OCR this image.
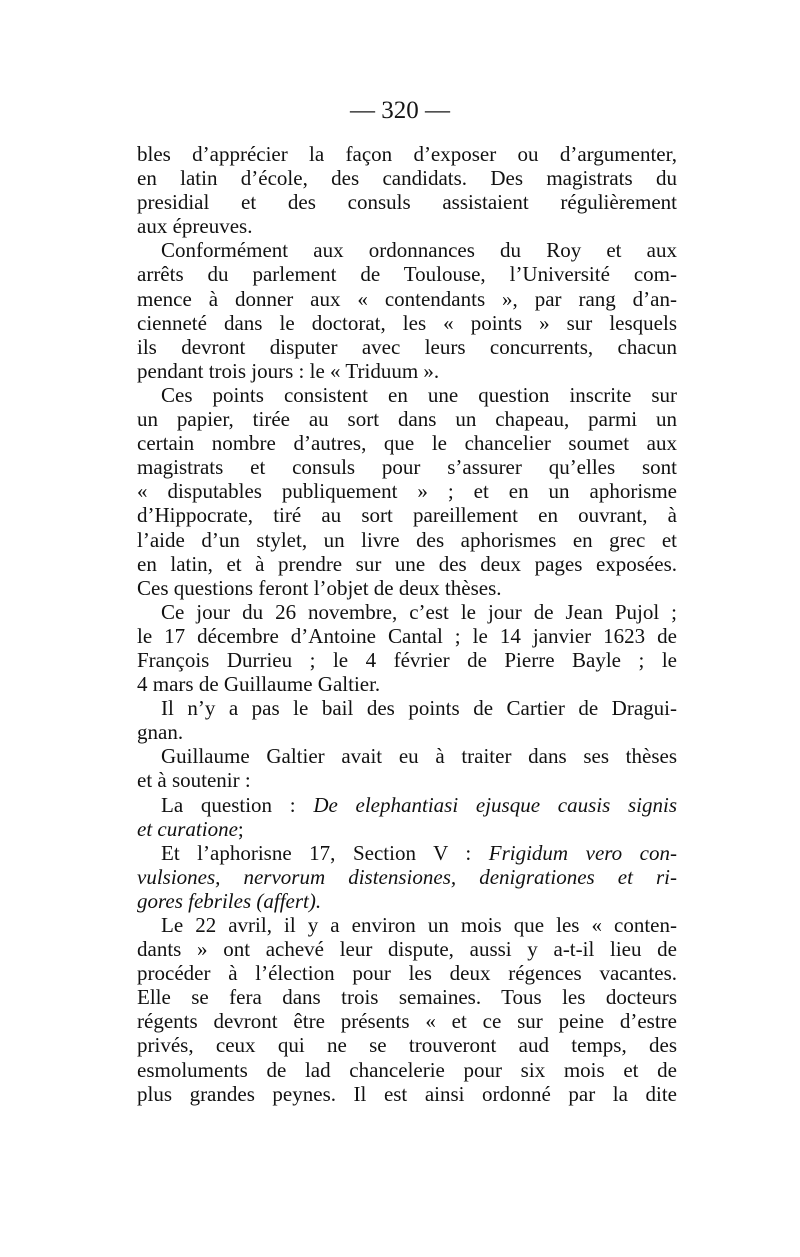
— 320 —
bles d’apprécier la façon d’exposer ou d’argumenter,
en latin d’école, des candidats. Des magistrats du
presidial et des consuls assistaient régulièrement
aux épreuves.
Conformément aux ordonnances du Roy et aux
arrêts du parlement de Toulouse, l’Université com-
mence à donner aux « contendants », par rang d’an-
cienneté dans le doctorat, les « points » sur lesquels
ils devront disputer avec leurs concurrents, chacun
pendant trois jours : le « Triduum ».
Ces points consistent en une question inscrite sur
un papier, tirée au sort dans un chapeau, parmi un
certain nombre d’autres, que le chancelier soumet aux
magistrats et consuls pour s’assurer qu’elles sont
« disputables publiquement » ; et en un aphorisme
d’Hippocrate, tiré au sort pareillement en ouvrant, à
l’aide d’un stylet, un livre des aphorismes en grec et
en latin, et à prendre sur une des deux pages exposées.
Ces questions feront l’objet de deux thèses.
Ce jour du 26 novembre, c’est le jour de Jean Pujol ;
le 17 décembre d’Antoine Cantal ; le 14 janvier 1623 de
François Durrieu ; le 4 février de Pierre Bayle ; le
4 mars de Guillaume Galtier.
Il n’y a pas le bail des points de Cartier de Dragui-
gnan.
Guillaume Galtier avait eu à traiter dans ses thèses
et à soutenir :
La question : De elephantiasi ejusque causis signis
et curatione;
Et l’aphorisne 17, Section V : Frigidum vero con-
vulsiones, nervorum distensiones, denigrationes et ri-
gores febriles (affert).
Le 22 avril, il y a environ un mois que les « conten-
dants » ont achevé leur dispute, aussi y a-t-il lieu de
procéder à l’élection pour les deux régences vacantes.
Elle se fera dans trois semaines. Tous les docteurs
régents devront être présents « et ce sur peine d’estre
privés, ceux qui ne se trouveront aud temps, des
esmoluments de lad chancelerie pour six mois et de
plus grandes peynes. Il est ainsi ordonné par la dite
